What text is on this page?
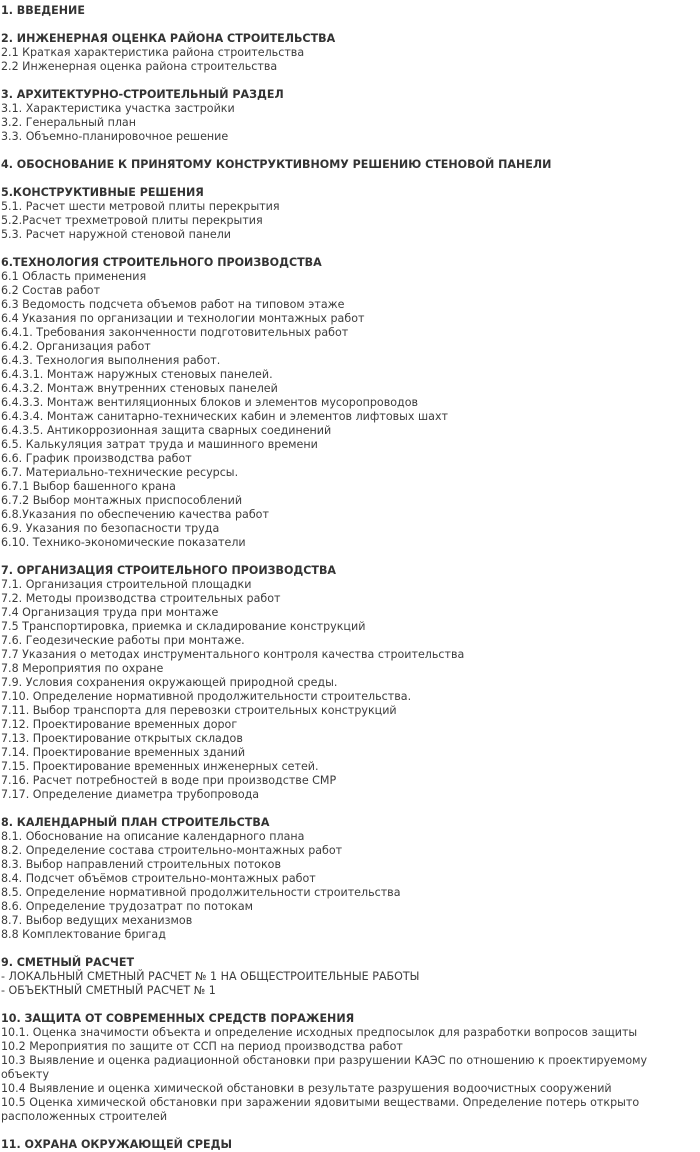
1. ВВЕДЕНИЕ
2. ИНЖЕНЕРНАЯ ОЦЕНКА РАЙОНА СТРОИТЕЛЬСТВА
2.1 Краткая характеристика района строительства
2.2 Инженерная оценка района строительства
3. АРХИТЕКТУРНО-СТРОИТЕЛЬНЫЙ РАЗДЕЛ
3.1. Характеристика участка застройки
3.2. Генеральный план
3.3. Объемно-планировочное решение
4. ОБОСНОВАНИЕ К ПРИНЯТОМУ КОНСТРУКТИВНОМУ РЕШЕНИЮ СТЕНОВОЙ ПАНЕЛИ
5.КОНСТРУКТИВНЫЕ РЕШЕНИЯ
5.1. Расчет шести метровой плиты перекрытия
5.2.Расчет трехметровой плиты перекрытия
5.3. Расчет наружной стеновой панели
6.ТЕХНОЛОГИЯ СТРОИТЕЛЬНОГО ПРОИЗВОДСТВА
6.1 Область применения
6.2 Состав работ
6.3 Ведомость подсчета объемов работ на типовом этаже
6.4 Указания по организации и технологии монтажных работ
6.4.1. Требования законченности подготовительных работ
6.4.2. Организация работ
6.4.3. Технология выполнения работ.
6.4.3.1. Монтаж наружных стеновых панелей.
6.4.3.2. Монтаж внутренних стеновых панелей
6.4.3.3. Монтаж вентиляционных блоков и элементов мусоропроводов
6.4.3.4. Монтаж санитарно-технических кабин и элементов лифтовых шахт
6.4.3.5. Антикоррозионная защита сварных соединений
6.5. Калькуляция затрат труда и машинного времени
6.6. График производства работ
6.7. Материально-технические ресурсы.
6.7.1 Выбор башенного крана
6.7.2 Выбор монтажных приспособлений
6.8.Указания по обеспечению качества работ
6.9. Указания по безопасности труда
6.10. Технико-экономические показатели
7. ОРГАНИЗАЦИЯ СТРОИТЕЛЬНОГО ПРОИЗВОДСТВА
7.1. Организация строительной площадки
7.2. Методы производства строительных работ
7.4 Организация труда при монтаже
7.5 Транспортировка, приемка и складирование конструкций
7.6. Геодезические работы при монтаже.
7.7 Указания о методах инструментального контроля качества строительства
7.8 Мероприятия по охране
7.9. Условия сохранения окружающей природной среды.
7.10. Определение нормативной продолжительности строительства.
7.11. Выбор транспорта для перевозки строительных конструкций
7.12. Проектирование временных дорог
7.13. Проектирование открытых складов
7.14. Проектирование временных зданий
7.15. Проектирование временных инженерных сетей.
7.16. Расчет потребностей в воде при производстве СМР
7.17. Определение диаметра трубопровода
8. КАЛЕНДАРНЫЙ ПЛАН СТРОИТЕЛЬСТВА
8.1. Обоснование на описание календарного плана
8.2. Определение состава строительно-монтажных работ
8.3. Выбор направлений строительных потоков
8.4. Подсчет объёмов строительно-монтажных работ
8.5. Определение нормативной продолжительности строительства
8.6. Определение трудозатрат по потокам
8.7. Выбор ведущих механизмов
8.8 Комплектование бригад
9. СМЕТНЫЙ РАСЧЕТ
- ЛОКАЛЬНЫЙ СМЕТНЫЙ РАСЧЕТ № 1 НА ОБЩЕСТРОИТЕЛЬНЫЕ РАБОТЫ
- ОБЪЕКТНЫЙ СМЕТНЫЙ РАСЧЕТ № 1
10. ЗАЩИТА ОТ СОВРЕМЕННЫХ СРЕДСТВ ПОРАЖЕНИЯ
10.1. Оценка значимости объекта и определение исходных предпосылок для разработки вопросов защиты
10.2 Мероприятия по защите от ССП на период производства работ
10.3 Выявление и оценка радиационной обстановки при разрушении КАЭС по отношению к проектируемому объекту
10.4 Выявление и оценка химической обстановки в результате разрушения водоочистных сооружений
10.5 Оценка химической обстановки при заражении ядовитыми веществами. Определение потерь открыто расположенных строителей
11. ОХРАНА ОКРУЖАЮЩЕЙ СРЕДЫ
